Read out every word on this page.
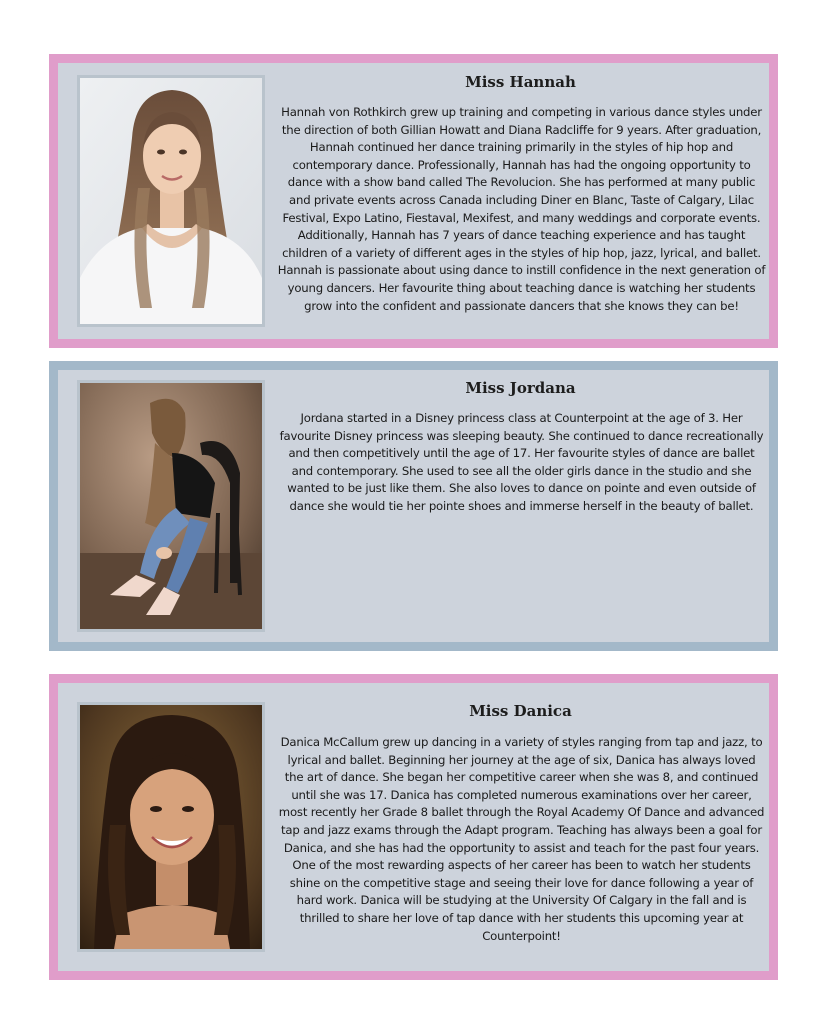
Miss Hannah

Hannah von Rothkirch grew up training and competing in various dance styles under the direction of both Gillian Howatt and Diana Radcliffe for 9 years. After graduation, Hannah continued her dance training primarily in the styles of hip hop and contemporary dance. Professionally, Hannah has had the ongoing opportunity to dance with a show band called The Revolucion. She has performed at many public and private events across Canada including Diner en Blanc, Taste of Calgary, Lilac Festival, Expo Latino, Fiestaval, Mexifest, and many weddings and corporate events. Additionally, Hannah has 7 years of dance teaching experience and has taught children of a variety of different ages in the styles of hip hop, jazz, lyrical, and ballet. Hannah is passionate about using dance to instill confidence in the next generation of young dancers. Her favourite thing about teaching dance is watching her students grow into the confident and passionate dancers that she knows they can be!

Miss Jordana

Jordana started in a Disney princess class at Counterpoint at the age of 3. Her favourite Disney princess was sleeping beauty. She continued to dance recreationally and then competitively until the age of 17. Her favourite styles of dance are ballet and contemporary. She used to see all the older girls dance in the studio and she wanted to be just like them. She also loves to dance on pointe and even outside of dance she would tie her pointe shoes and immerse herself in the beauty of ballet.

Miss Danica

Danica McCallum grew up dancing in a variety of styles ranging from tap and jazz, to lyrical and ballet. Beginning her journey at the age of six, Danica has always loved the art of dance. She began her competitive career when she was 8, and continued until she was 17. Danica has completed numerous examinations over her career, most recently her Grade 8 ballet through the Royal Academy Of Dance and advanced tap and jazz exams through the Adapt program. Teaching has always been a goal for Danica, and she has had the opportunity to assist and teach for the past four years. One of the most rewarding aspects of her career has been to watch her students shine on the competitive stage and seeing their love for dance following a year of hard work. Danica will be studying at the University Of Calgary in the fall and is thrilled to share her love of tap dance with her students this upcoming year at Counterpoint!
